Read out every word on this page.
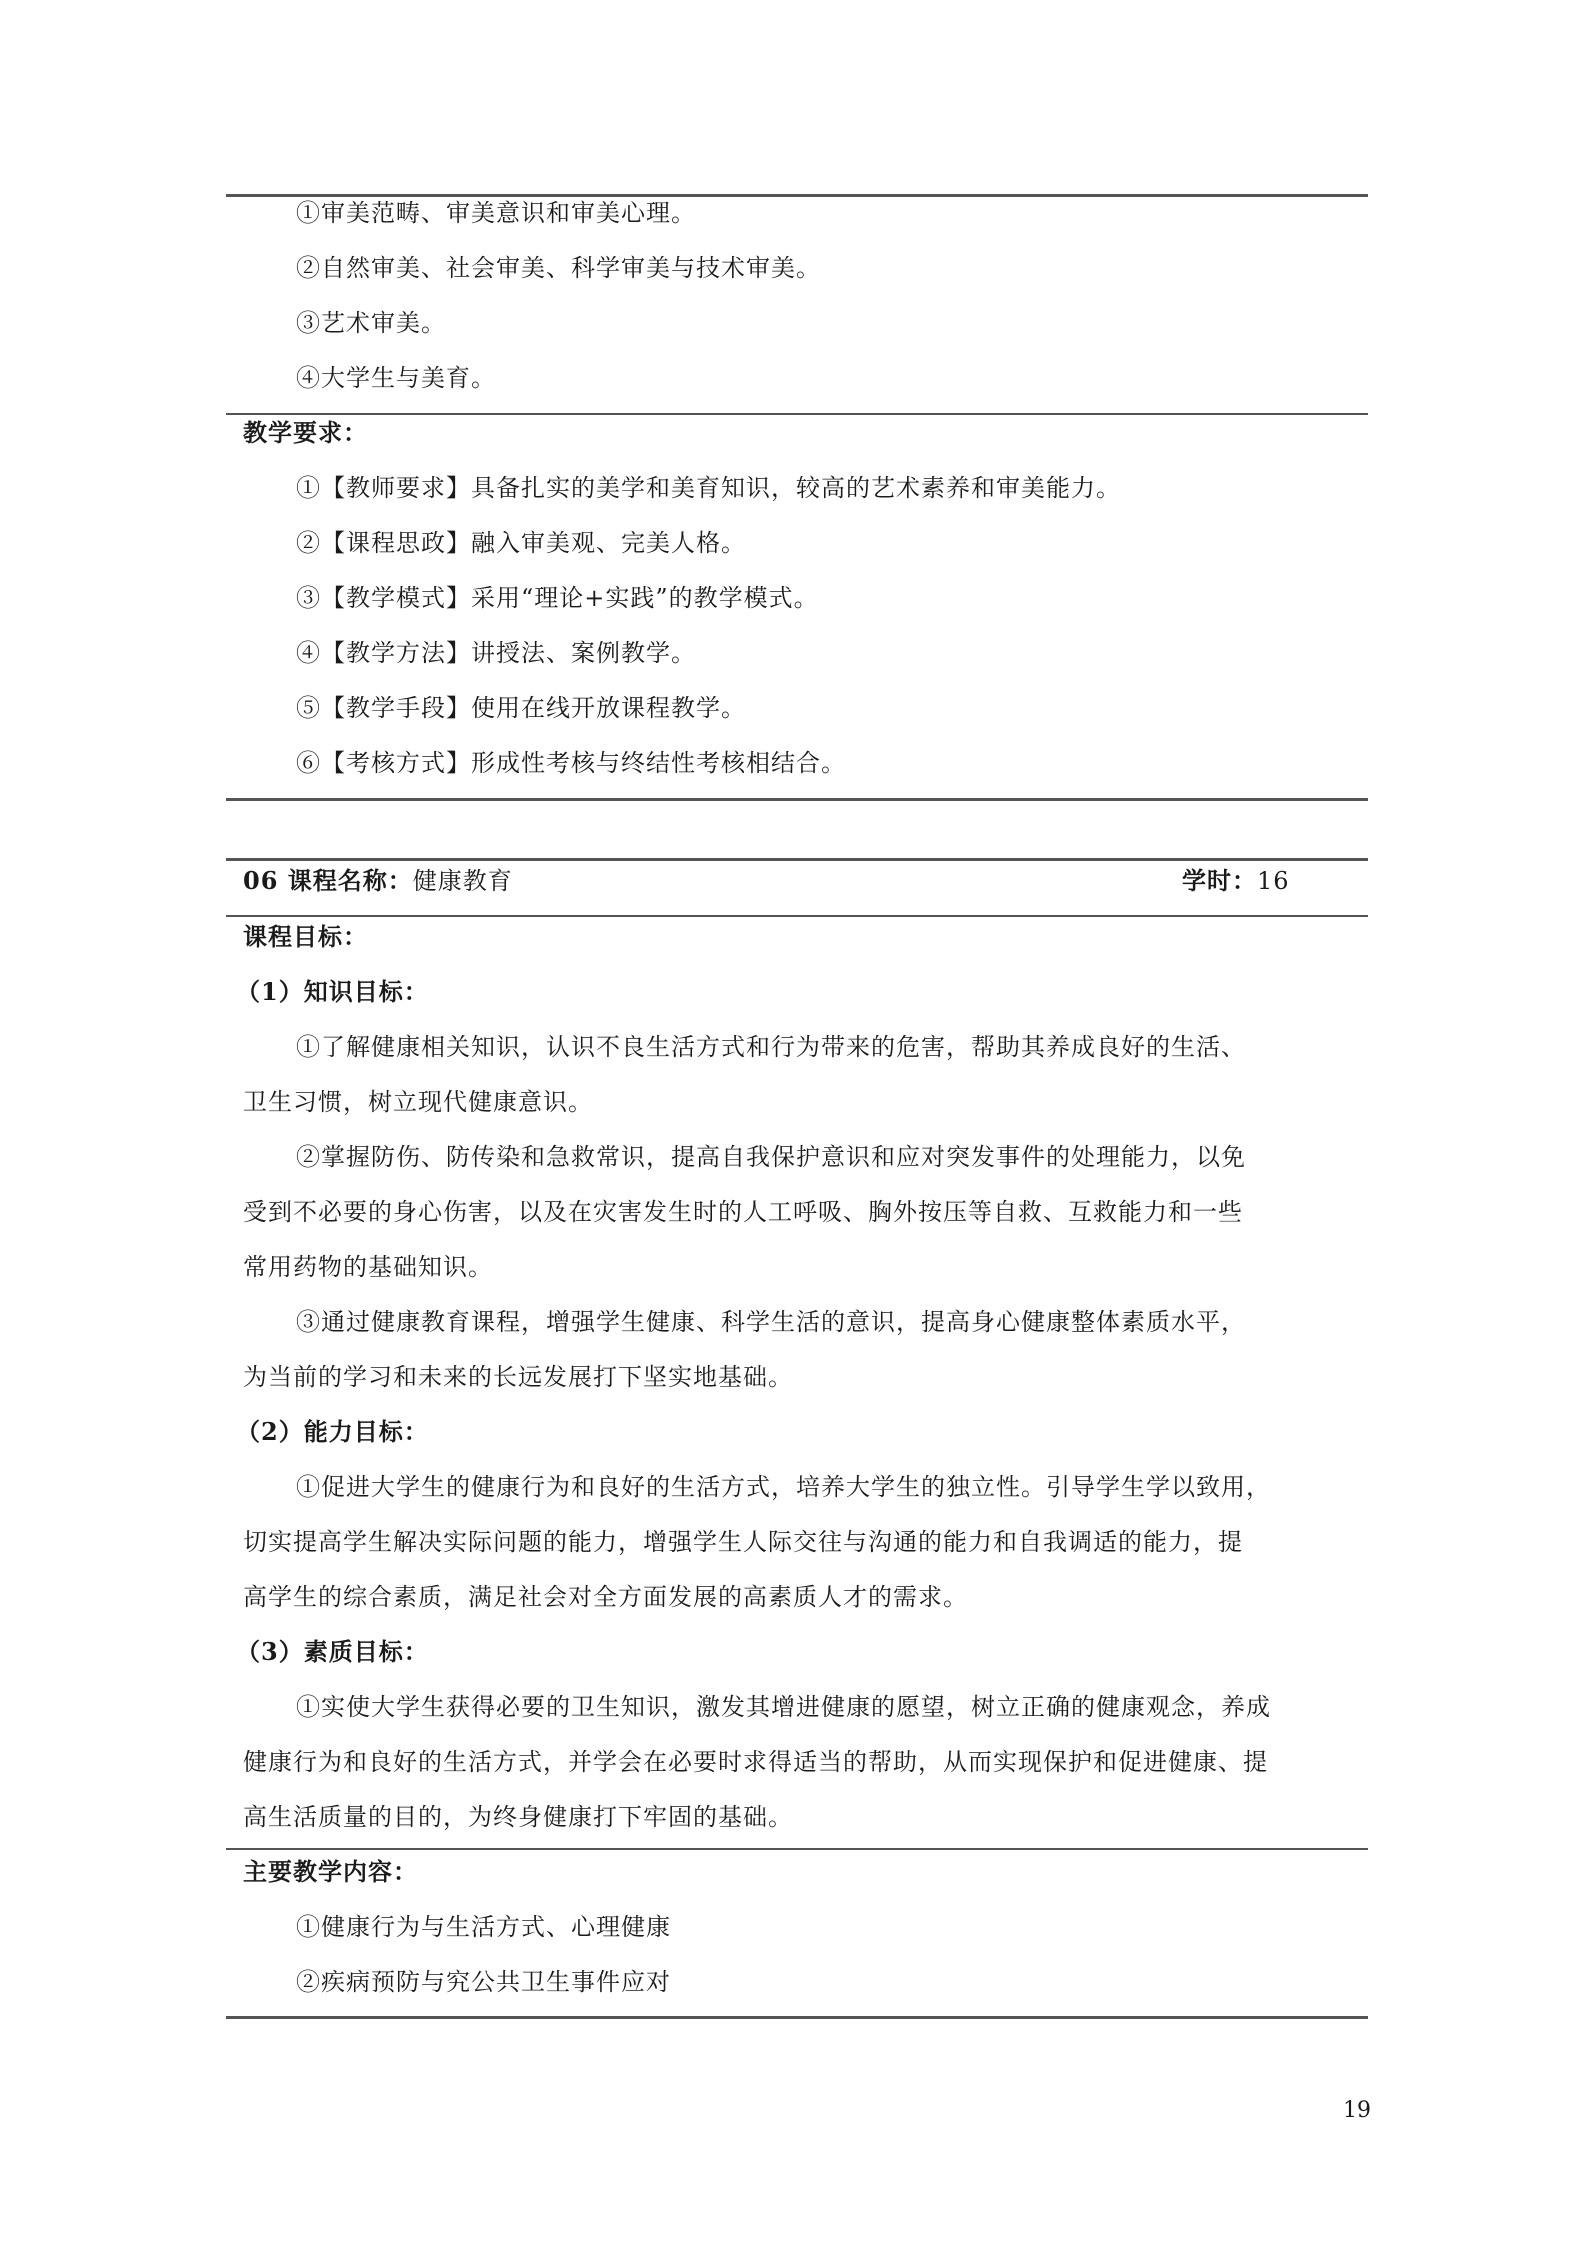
①审美范畴、审美意识和审美心理。
②自然审美、社会审美、科学审美与技术审美。
③艺术审美。
④大学生与美育。
教学要求：
①【教师要求】具备扎实的美学和美育知识，较高的艺术素养和审美能力。
②【课程思政】融入审美观、完美人格。
③【教学模式】采用“理论+实践”的教学模式。
④【教学方法】讲授法、案例教学。
⑤【教学手段】使用在线开放课程教学。
⑥【考核方式】形成性考核与终结性考核相结合。
06 课程名称：健康教育	学时：16
课程目标：
（1）知识目标：
①了解健康相关知识，认识不良生活方式和行为带来的危害，帮助其养成良好的生活、
卫生习惯，树立现代健康意识。
②掌握防伤、防传染和急救常识，提高自我保护意识和应对突发事件的处理能力，以免
受到不必要的身心伤害，以及在灾害发生时的人工呼吸、胸外按压等自救、互救能力和一些
常用药物的基础知识。
③通过健康教育课程，增强学生健康、科学生活的意识，提高身心健康整体素质水平，
为当前的学习和未来的长远发展打下坚实地基础。
（2）能力目标：
①促进大学生的健康行为和良好的生活方式，培养大学生的独立性。引导学生学以致用，
切实提高学生解决实际问题的能力，增强学生人际交往与沟通的能力和自我调适的能力，提
高学生的综合素质，满足社会对全方面发展的高素质人才的需求。
（3）素质目标：
①实使大学生获得必要的卫生知识，激发其增进健康的愿望，树立正确的健康观念，养成
健康行为和良好的生活方式，并学会在必要时求得适当的帮助，从而实现保护和促进健康、提
高生活质量的目的，为终身健康打下牢固的基础。
主要教学内容：
①健康行为与生活方式、心理健康
②疾病预防与究公共卫生事件应对
19
